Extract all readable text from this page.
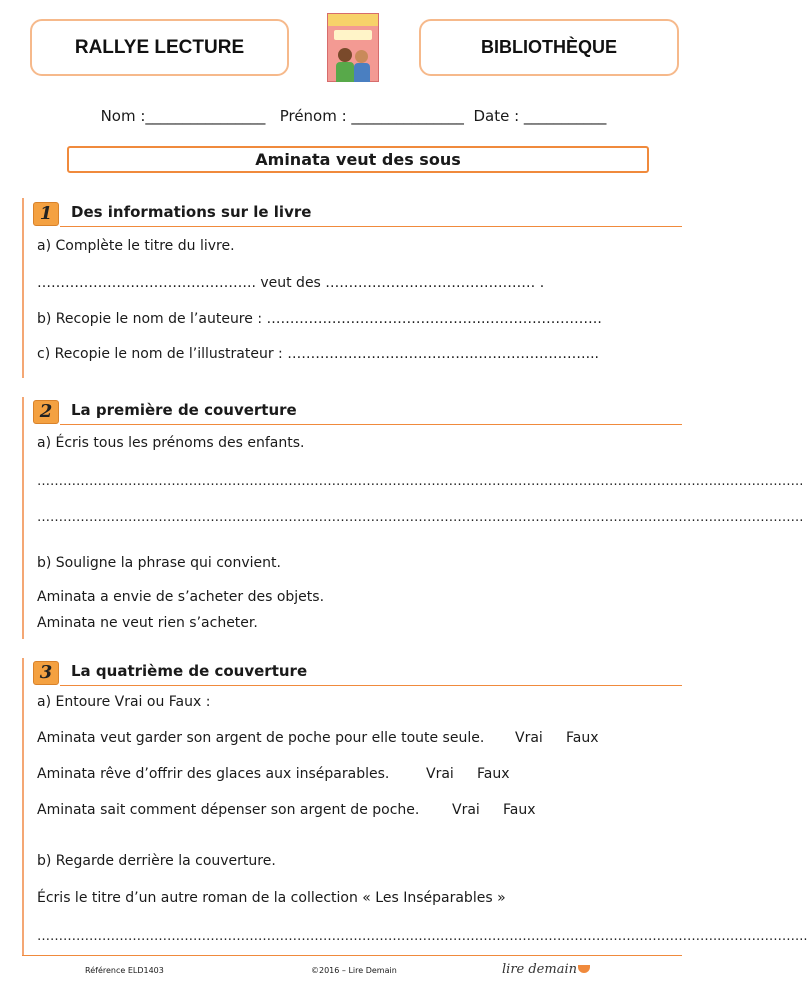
RALLYE LECTURE	BIBLIOTHÈQUE
Nom :________________   Prénom : _______________  Date : ___________
Aminata veut des sous
1	Des informations sur le livre
a) Complète le titre du livre.
……………………………………….. veut des ……………………………………… .
b) Recopie le nom de l’auteure : ………………………………………..…………………….
c) Recopie le nom de l’illustrateur : ………………………………….……………………...
2	La première de couverture
a) Écris tous les prénoms des enfants.
…………………………………………………………………………………………………………………………………………..……………….
…………………………………………………………………………………………………………………………………………..……………….
b) Souligne la phrase qui convient.
Aminata a envie de s’acheter des objets.
Aminata ne veut rien s’acheter.
3	La quatrième de couverture
a) Entoure Vrai ou Faux :
Aminata veut garder son argent de poche pour elle toute seule. Vrai Faux
Aminata rêve d’offrir des glaces aux inséparables.	Vrai Faux
Aminata sait comment dépenser son argent de poche. Vrai Faux
b) Regarde derrière la couverture.
Écris le titre d’un autre roman de la collection « Les Inséparables »
…………………………………………………………………………………………………………………………………………..………………..
Référence ELD1403	©2016 – Lire Demain	lire demain
